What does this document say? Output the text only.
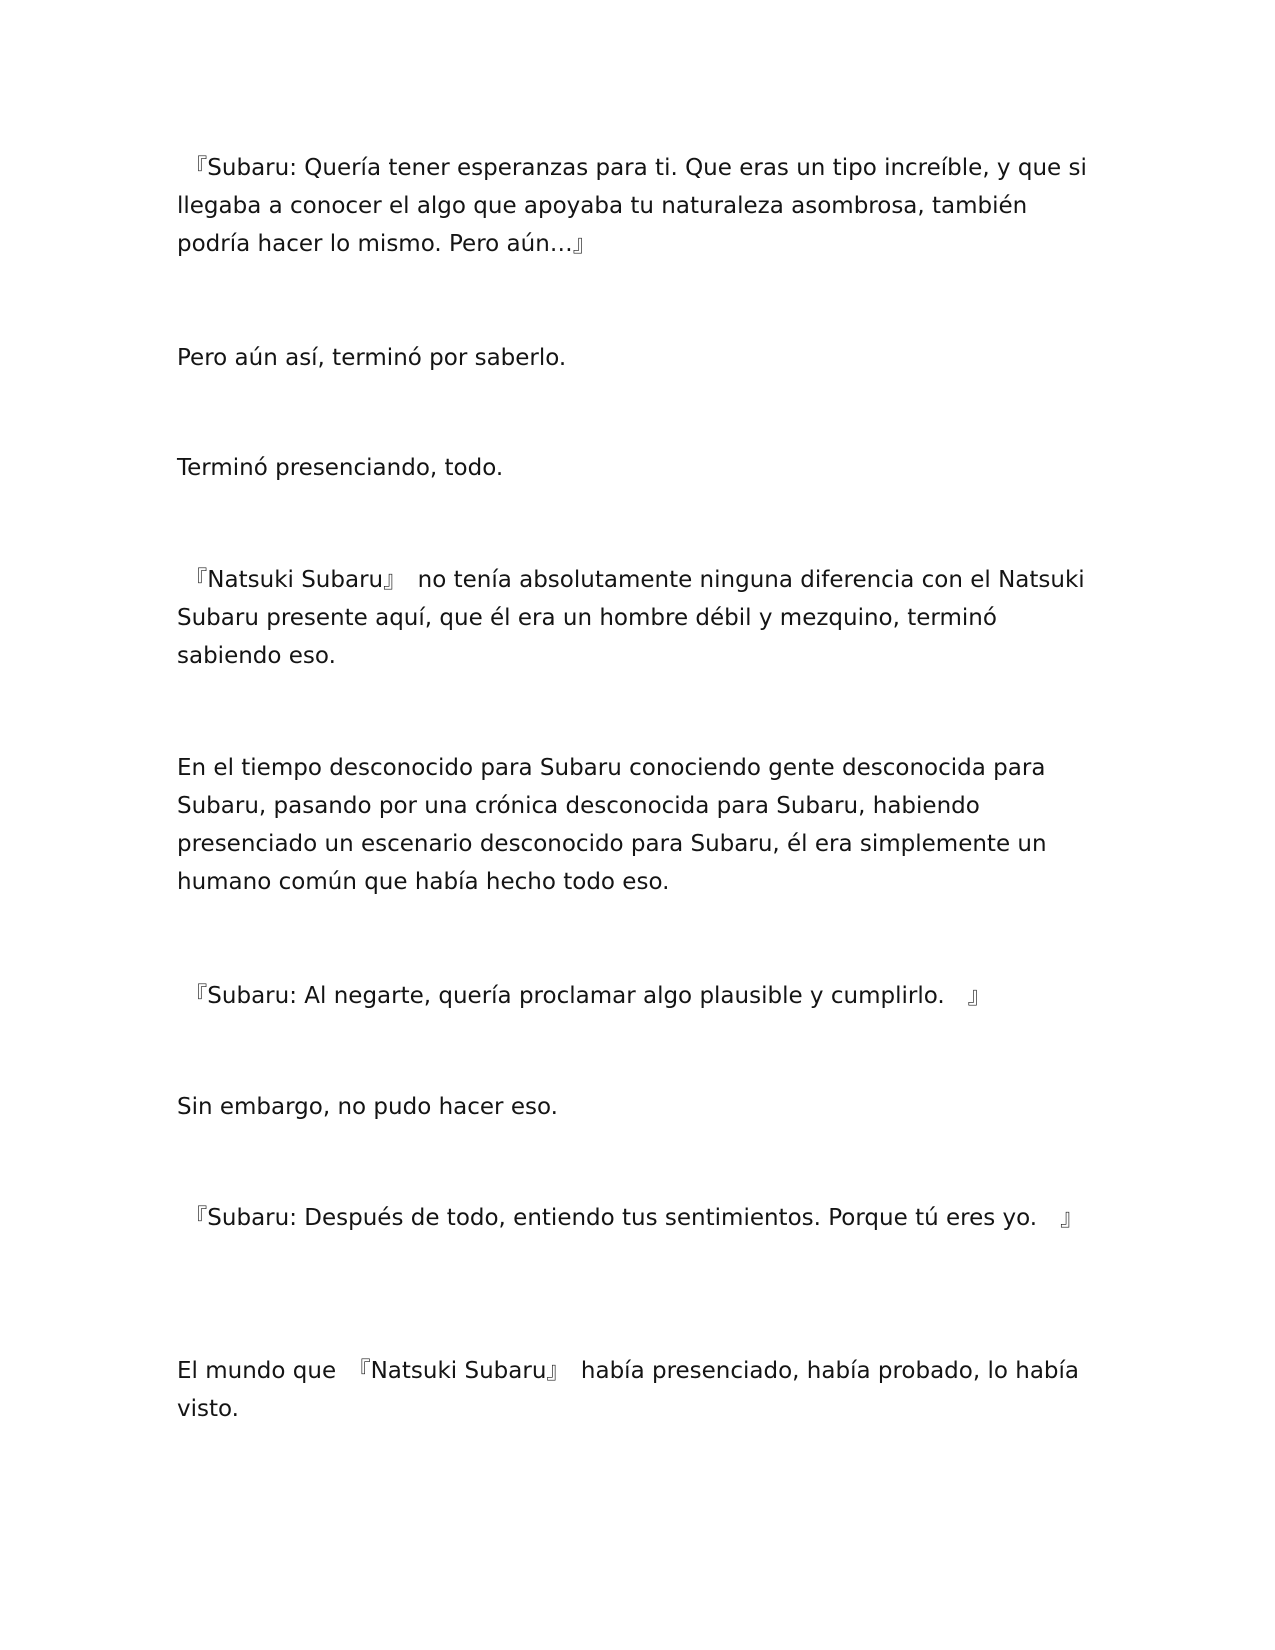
『Subaru: Quería tener esperanzas para ti. Que eras un tipo increíble, y que si llegaba a conocer el algo que apoyaba tu naturaleza asombrosa, también podría hacer lo mismo. Pero aún…』

Pero aún así, terminó por saberlo.

Terminó presenciando, todo.

『Natsuki Subaru』　no tenía absolutamente ninguna diferencia con el Natsuki Subaru presente aquí, que él era un hombre débil y mezquino, terminó sabiendo eso.

En el tiempo desconocido para Subaru conociendo gente desconocida para Subaru, pasando por una crónica desconocida para Subaru, habiendo presenciado un escenario desconocido para Subaru, él era simplemente un humano común que había hecho todo eso.

『Subaru: Al negarte, quería proclamar algo plausible y cumplirlo.　』

Sin embargo, no pudo hacer eso.

『Subaru: Después de todo, entiendo tus sentimientos. Porque tú eres yo.　』

El mundo que　『Natsuki Subaru』　había presenciado, había probado, lo había visto.
